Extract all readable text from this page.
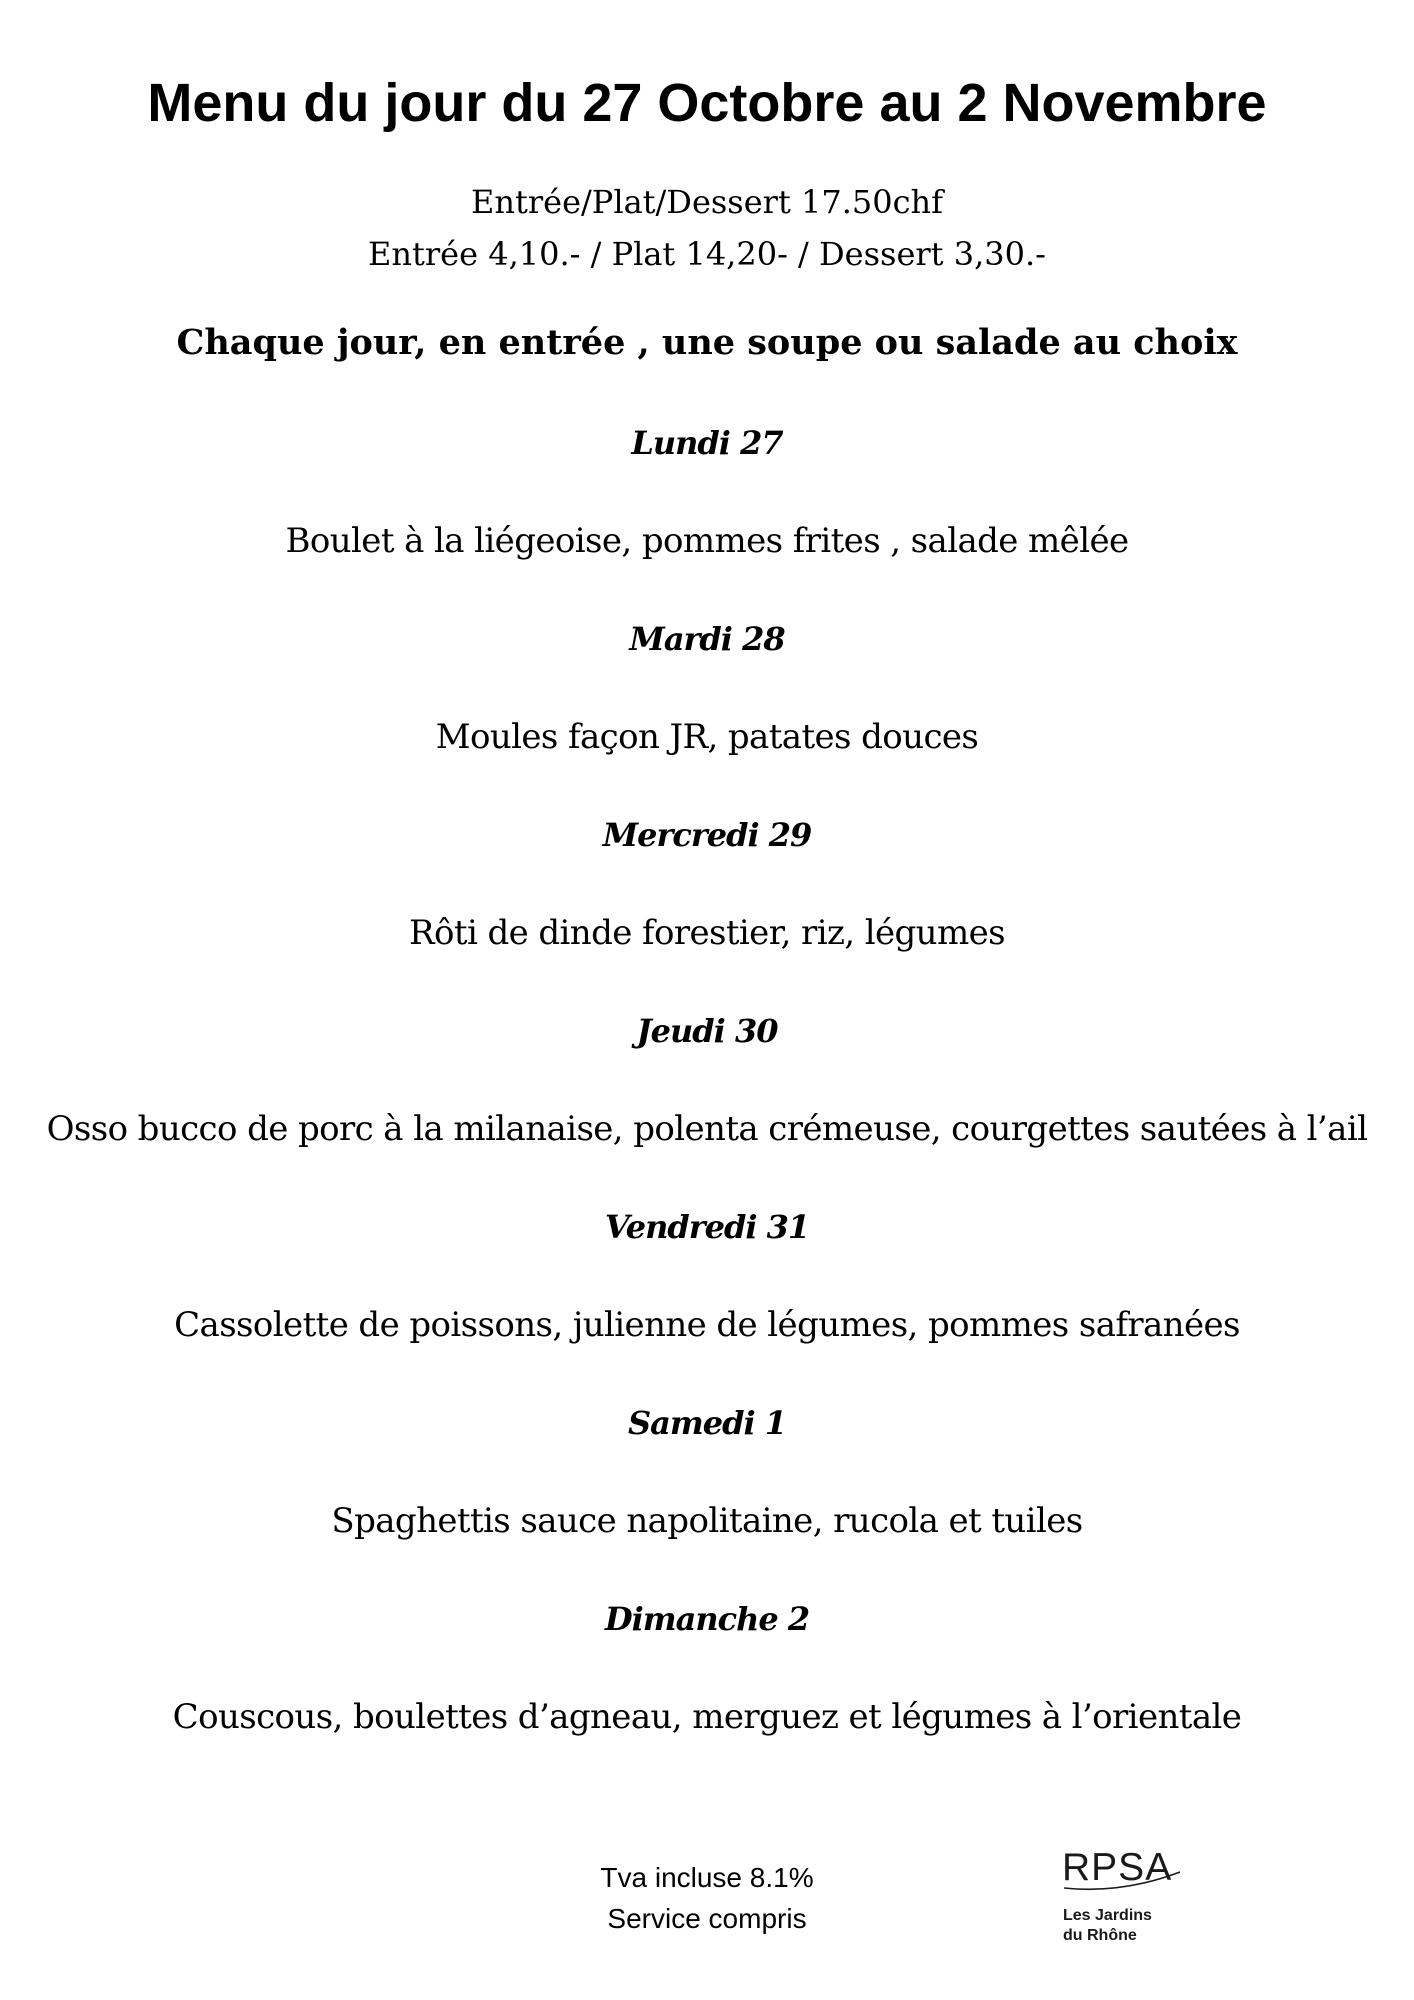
Menu du jour du 27 Octobre au 2 Novembre
Entrée/Plat/Dessert 17.50chf
Entrée 4,10.- / Plat 14,20- / Dessert 3,30.-
Chaque jour, en entrée , une soupe ou salade au choix
Lundi 27
Boulet à la liégeoise, pommes frites , salade mêlée
Mardi 28
Moules façon JR, patates douces
Mercredi 29
Rôti de dinde forestier, riz, légumes
Jeudi 30
Osso bucco de porc à la milanaise, polenta crémeuse, courgettes sautées à l’ail
Vendredi 31
Cassolette de poissons, julienne de légumes, pommes safranées
Samedi 1
Spaghettis sauce napolitaine, rucola et tuiles
Dimanche 2
Couscous, boulettes d’agneau, merguez et légumes à l’orientale
Tva incluse 8.1%
Service compris
RPSA
Les Jardins
du Rhône
